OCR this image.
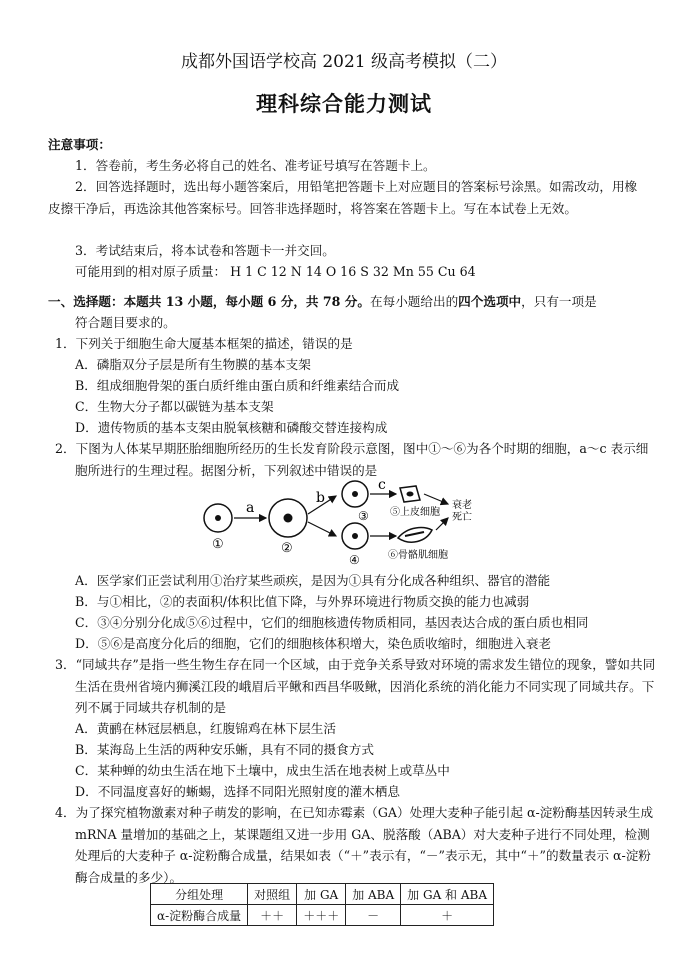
成都外国语学校高 2021 级高考模拟（二）
理科综合能力测试
注意事项：
1．答卷前，考生务必将自己的姓名、准考证号填写在答题卡上。
2．回答选择题时，选出每小题答案后，用铅笔把答题卡上对应题目的答案标号涂黑。如需改动，用橡皮擦干净后，再选涂其他答案标号。回答非选择题时，将答案在答题卡上。写在本试卷上无效。
3．考试结束后，将本试卷和答题卡一并交回。
可能用到的相对原子质量： H 1 C 12 N 14 O 16 S 32 Mn 55 Cu 64
一、选择题：本题共 13 小题，每小题 6 分，共 78 分。在每小题给出的四个选项中，只有一项是
符合题目要求的。
1．下列关于细胞生命大厦基本框架的描述，错误的是
A．磷脂双分子层是所有生物膜的基本支架
B．组成细胞骨架的蛋白质纤维由蛋白质和纤维素结合而成
C．生物大分子都以碳链为基本支架
D．遗传物质的基本支架由脱氧核糖和磷酸交替连接构成
2．下图为人体某早期胚胎细胞所经历的生长发育阶段示意图，图中①～⑥为各个时期的细胞，a～c 表示细胞所进行的生理过程。据图分析，下列叙述中错误的是
①
a
②
b
③
④
c
⑤上皮细胞
⑥骨骼肌细胞
衰老
死亡
A．医学家们正尝试利用①治疗某些顽疾，是因为①具有分化成各种组织、器官的潜能
B．与①相比，②的表面积/体积比值下降，与外界环境进行物质交换的能力也减弱
C．③④分别分化成⑤⑥过程中，它们的细胞核遗传物质相同，基因表达合成的蛋白质也相同
D．⑤⑥是高度分化后的细胞，它们的细胞核体积增大，染色质收缩时，细胞进入衰老
3．“同域共存”是指一些生物生存在同一个区域，由于竞争关系导致对环境的需求发生错位的现象，譬如共同生活在贵州省境内狮溪江段的峨眉后平鳅和西昌华吸鳅，因消化系统的消化能力不同实现了同域共存。下列不属于同域共存机制的是
A．黄鹂在林冠层栖息，红腹锦鸡在林下层生活
B．某海岛上生活的两种安乐蜥，具有不同的摄食方式
C．某种蝉的幼虫生活在地下土壤中，成虫生活在地表树上或草丛中
D．不同温度喜好的蜥蜴，选择不同阳光照射度的灌木栖息
4．为了探究植物激素对种子萌发的影响，在已知赤霉素（GA）处理大麦种子能引起 α-淀粉酶基因转录生成 mRNA 量增加的基础之上，某课题组又进一步用 GA、脱落酸（ABA）对大麦种子进行不同处理，检测处理后的大麦种子 α-淀粉酶合成量，结果如表（“＋”表示有，“－”表示无，其中“＋”的数量表示 α-淀粉酶合成量的多少）。
分组处理	对照组	加 GA	加 ABA	加 GA 和 ABA
α-淀粉酶合成量	＋＋	＋＋＋	－	＋
